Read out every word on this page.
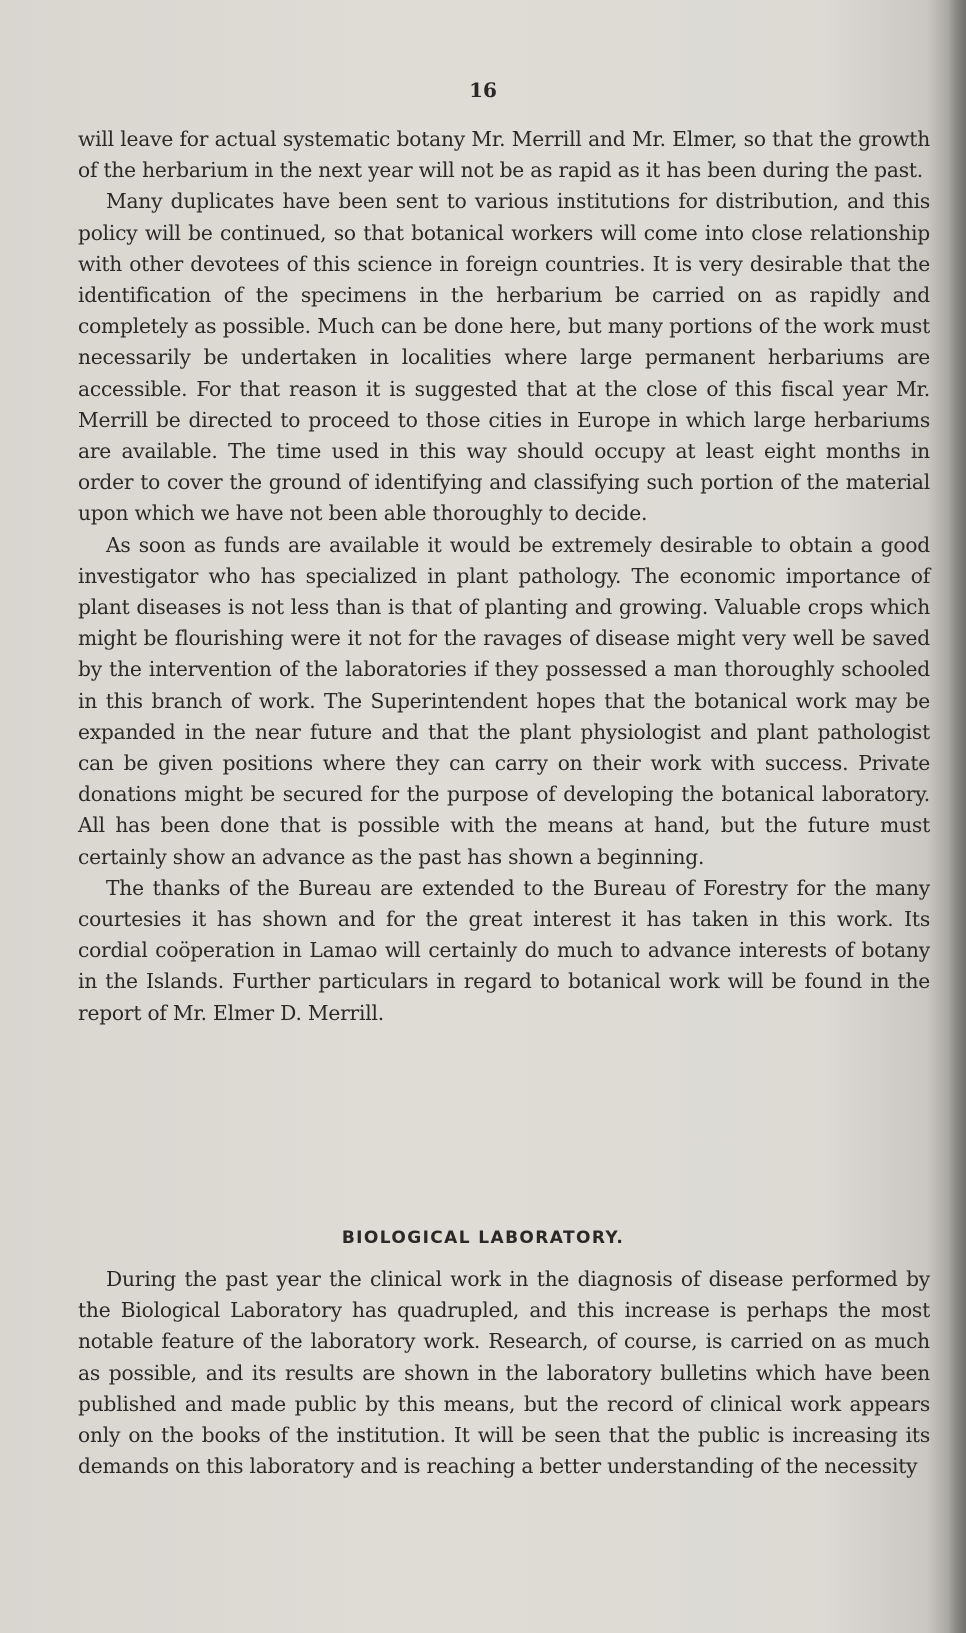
16

will leave for actual systematic botany Mr. Merrill and Mr. Elmer, so that the growth of the herbarium in the next year will not be as rapid as it has been during the past.

Many duplicates have been sent to various institutions for distribution, and this policy will be continued, so that botanical workers will come into close relationship with other devotees of this science in foreign countries. It is very desirable that the identification of the specimens in the herbarium be carried on as rapidly and completely as possible. Much can be done here, but many portions of the work must necessarily be undertaken in localities where large permanent herbariums are accessible. For that reason it is suggested that at the close of this fiscal year Mr. Merrill be directed to proceed to those cities in Europe in which large herbariums are available. The time used in this way should occupy at least eight months in order to cover the ground of identifying and classifying such portion of the material upon which we have not been able thoroughly to decide.

As soon as funds are available it would be extremely desirable to obtain a good investigator who has specialized in plant pathology. The economic importance of plant diseases is not less than is that of planting and growing. Valuable crops which might be flourishing were it not for the ravages of disease might very well be saved by the intervention of the laboratories if they possessed a man thoroughly schooled in this branch of work. The Superintendent hopes that the botanical work may be expanded in the near future and that the plant physiologist and plant pathologist can be given positions where they can carry on their work with success. Private donations might be secured for the purpose of developing the botanical laboratory. All has been done that is possible with the means at hand, but the future must certainly show an advance as the past has shown a beginning.

The thanks of the Bureau are extended to the Bureau of Forestry for the many courtesies it has shown and for the great interest it has taken in this work. Its cordial coöperation in Lamao will certainly do much to advance interests of botany in the Islands. Further particulars in regard to botanical work will be found in the report of Mr. Elmer D. Merrill.

BIOLOGICAL LABORATORY.

During the past year the clinical work in the diagnosis of disease performed by the Biological Laboratory has quadrupled, and this increase is perhaps the most notable feature of the laboratory work. Research, of course, is carried on as much as possible, and its results are shown in the laboratory bulletins which have been published and made public by this means, but the record of clinical work appears only on the books of the institution. It will be seen that the public is increasing its demands on this laboratory and is reaching a better understanding of the necessity
